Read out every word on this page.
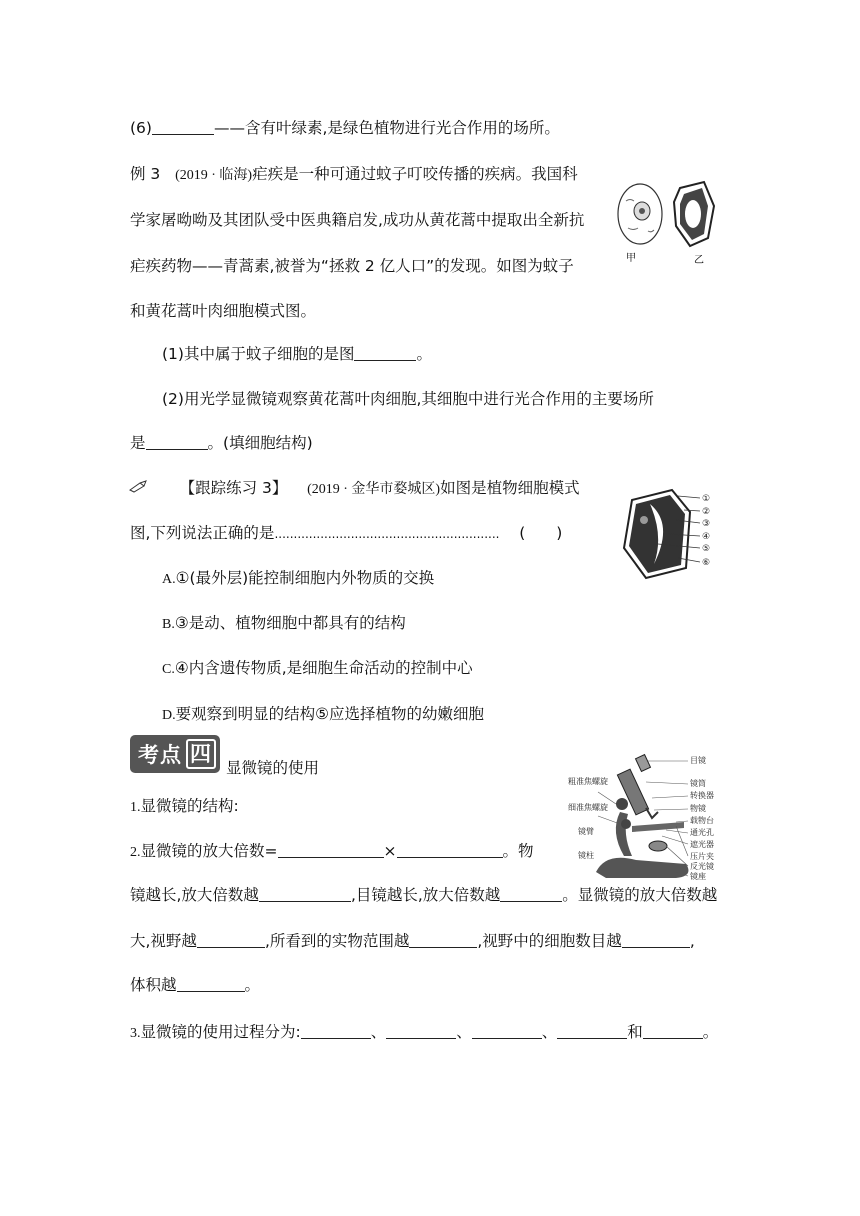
(6)	——含有叶绿素,是绿色植物进行光合作用的场所。
例 3 (2019 · 临海)疟疾是一种可通过蚊子叮咬传播的疾病。我国科
学家屠呦呦及其团队受中医典籍启发,成功从黄花蒿中提取出全新抗
疟疾药物——青蒿素,被誉为“拯救 2 亿人口”的发现。如图为蚊子
和黄花蒿叶肉细胞模式图。
甲	乙
(1)其中属于蚊子细胞的是图	。
(2)用光学显微镜观察黄花蒿叶肉细胞,其细胞中进行光合作用的主要场所
是	。(填细胞结构)
【跟踪练习 3】 (2019 · 金华市婺城区)如图是植物细胞模式
图,下列说法正确的是........................................................... (　　)
①
②
③
④
⑤
⑥
A.①(最外层)能控制细胞内外物质的交换
B.③是动、植物细胞中都具有的结构
C.④内含遗传物质,是细胞生命活动的控制中心
D.要观察到明显的结构⑤应选择植物的幼嫩细胞
考点 四
显微镜的使用	目镜
镜筒
转换器
物镜
载物台
通光孔
遮光器
压片夹
反光镜
镜座
粗准焦螺旋
细准焦螺旋
镜臂
镜柱
1.显微镜的结构:
2.显微镜的放大倍数=	×	。物
镜越长,放大倍数越	,目镜越长,放大倍数越	。显微镜的放大倍数越
大,视野越	,所看到的实物范围越	,视野中的细胞数目越	,
体积越	。
3.显微镜的使用过程分为:	、	、	、	和	。
